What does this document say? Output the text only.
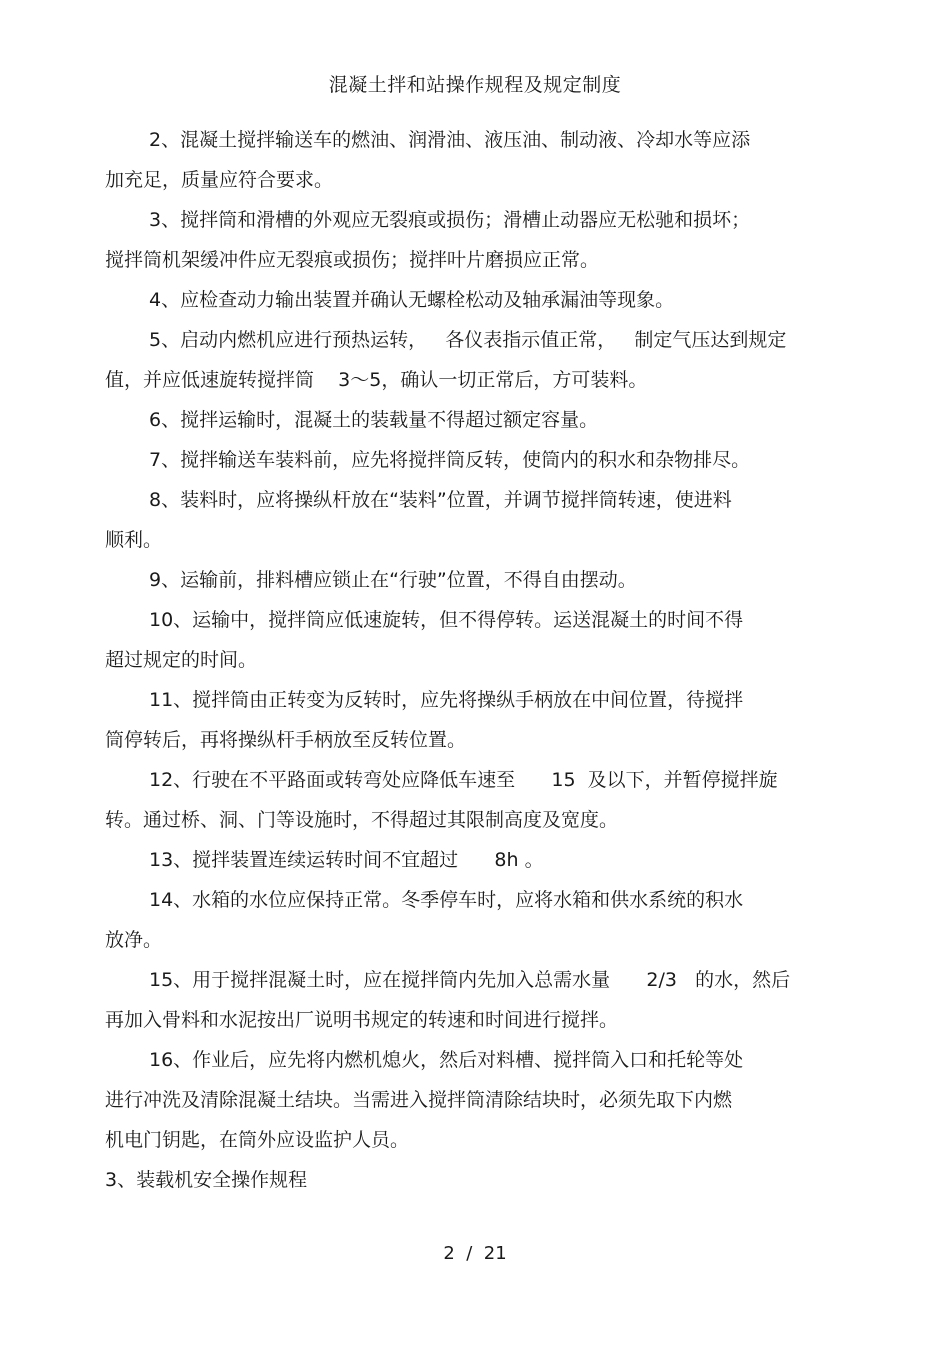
混凝土拌和站操作规程及规定制度
2、混凝土搅拌输送车的燃油、润滑油、液压油、制动液、冷却水等应添
加充足，质量应符合要求。
3、搅拌筒和滑槽的外观应无裂痕或损伤；滑槽止动器应无松驰和损坏；
搅拌筒机架缓冲件应无裂痕或损伤；搅拌叶片磨损应正常。
4、应检查动力输出装置并确认无螺栓松动及轴承漏油等现象。
5、启动内燃机应进行预热运转，   各仪表指示值正常，   制定气压达到规定
值，并应低速旋转搅拌筒    3～5，确认一切正常后，方可装料。
6、搅拌运输时，混凝土的装载量不得超过额定容量。
7、搅拌输送车装料前，应先将搅拌筒反转，使筒内的积水和杂物排尽。
8、装料时，应将操纵杆放在“装料”位置，并调节搅拌筒转速，使进料
顺利。
9、运输前，排料槽应锁止在“行驶”位置，不得自由摆动。
10、运输中，搅拌筒应低速旋转，但不得停转。运送混凝土的时间不得
超过规定的时间。
11、搅拌筒由正转变为反转时，应先将操纵手柄放在中间位置，待搅拌
筒停转后，再将操纵杆手柄放至反转位置。
12、行驶在不平路面或转弯处应降低车速至      15  及以下，并暂停搅拌旋
转。通过桥、洞、门等设施时，不得超过其限制高度及宽度。
13、搅拌装置连续运转时间不宜超过      8h 。
14、水箱的水位应保持正常。冬季停车时，应将水箱和供水系统的积水
放净。
15、用于搅拌混凝土时，应在搅拌筒内先加入总需水量      2/3   的水，然后
再加入骨料和水泥按出厂说明书规定的转速和时间进行搅拌。
16、作业后，应先将内燃机熄火，然后对料槽、搅拌筒入口和托轮等处
进行冲洗及清除混凝土结块。当需进入搅拌筒清除结块时，必须先取下内燃
机电门钥匙，在筒外应设监护人员。
3、装载机安全操作规程
2  /  21
